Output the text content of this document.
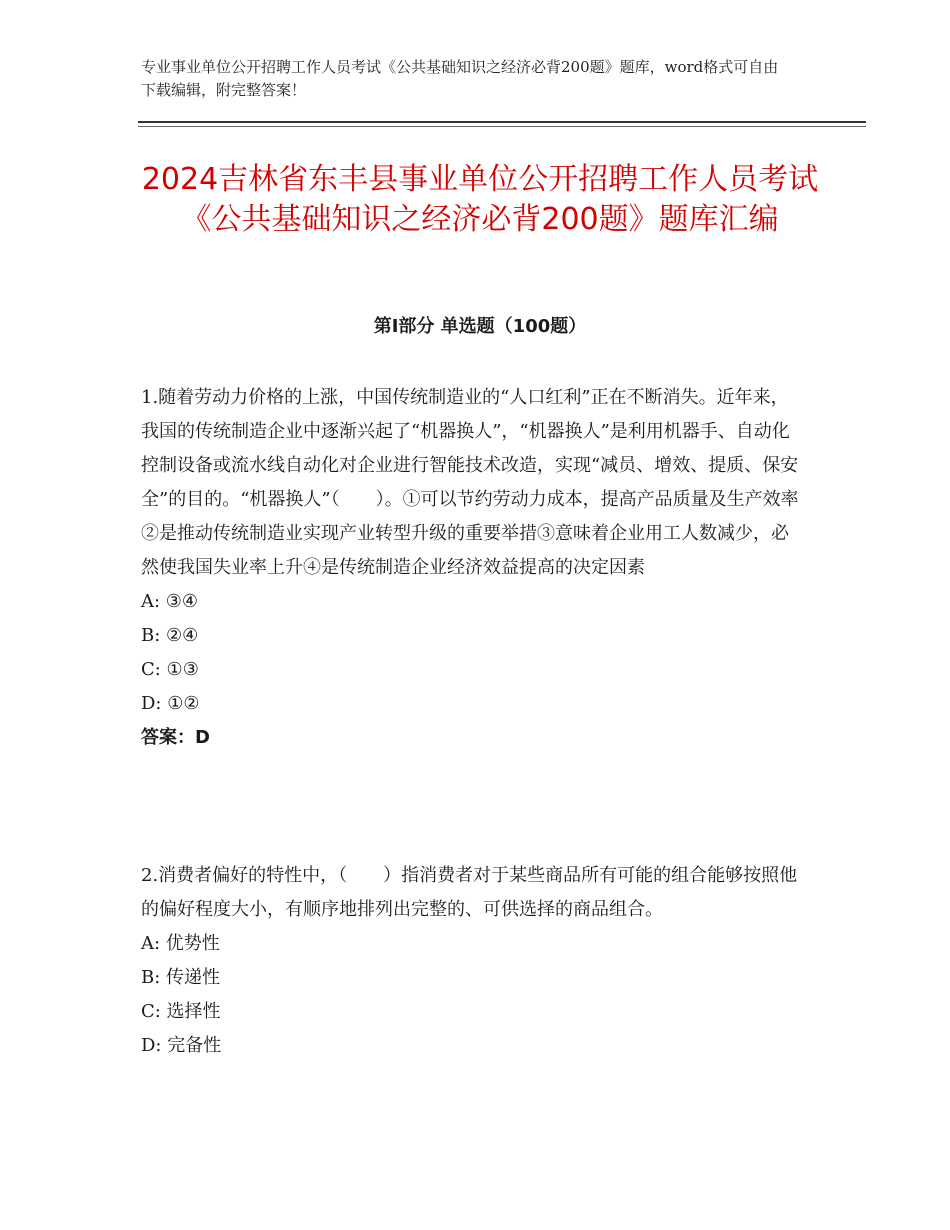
专业事业单位公开招聘工作人员考试《公共基础知识之经济必背200题》题库，word格式可自由下载编辑，附完整答案！
2024吉林省东丰县事业单位公开招聘工作人员考试《公共基础知识之经济必背200题》题库汇编
第Ⅰ部分 单选题（100题）

1.随着劳动力价格的上涨，中国传统制造业的“人口红利”正在不断消失。近年来，我国的传统制造企业中逐渐兴起了“机器换人”，“机器换人”是利用机器手、自动化控制设备或流水线自动化对企业进行智能技术改造，实现“减员、增效、提质、保安全”的目的。“机器换人”（　　）。①可以节约劳动力成本，提高产品质量及生产效率②是推动传统制造业实现产业转型升级的重要举措③意味着企业用工人数减少，必然使我国失业率上升④是传统制造企业经济效益提高的决定因素

A: ③④

B: ②④

C: ①③

D: ①②

答案：D

2.消费者偏好的特性中，（　　）指消费者对于某些商品所有可能的组合能够按照他的偏好程度大小，有顺序地排列出完整的、可供选择的商品组合。

A: 优势性

B: 传递性

C: 选择性

D: 完备性
